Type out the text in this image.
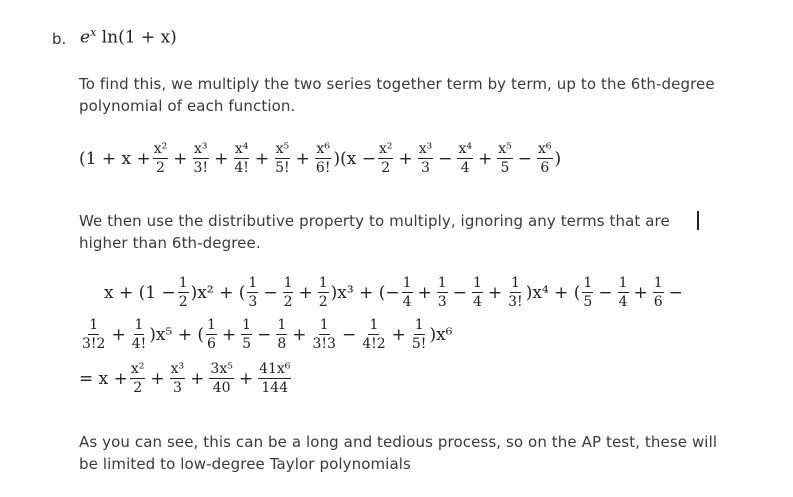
b. $e^x$ ln(1 + x)
To find this, we multiply the two series together term by term, up to the 6th-degree polynomial of each function.
$(1 + x + \frac{\text{x²}}{2} + \frac{\text{x³}}{3!} + \frac{\text{x⁴}}{4!} + \frac{\text{x⁵}}{5!} + \frac{\text{x⁶}}{6!} )(x - \frac{\text{x²}}{2} + \frac{\text{x³}}{3} - \frac{\text{x⁴}}{4} + \frac{\text{x⁵}}{5} - \frac{\text{x⁶}}{6}$ )
We then use the distributive property to multiply, ignoring any terms that are higher than 6th-degree.
$x + (1 - \frac{1}{2} )x^2$ + ( $\frac{1}{3} - \frac{1}{2} + \frac{1}{2} )x^3$ + (− $\frac{1}{4} + \frac{1}{3} - \frac{1}{4} + \frac{1}{3!} )x^4$ + ( $\frac{1}{5} - \frac{1}{4} + \frac{1}{6}$ −
$\frac{1}{3!2} + \frac{1}{4!} )x^5$ + ( $\frac{1}{6} + \frac{1}{5} - \frac{1}{8} + \frac{1}{3!3} - \frac{1}{4!2} + \frac{1}{5!} )x^6$
= $x + \frac{\text{x²}}{2} + \frac{\text{x³}}{3} + \frac{\text{3x⁵}}{40} + \frac{\text{41x⁶}}{144}$
As you can see, this can be a long and tedious process, so on the AP test, these will be limited to low-degree Taylor polynomials
